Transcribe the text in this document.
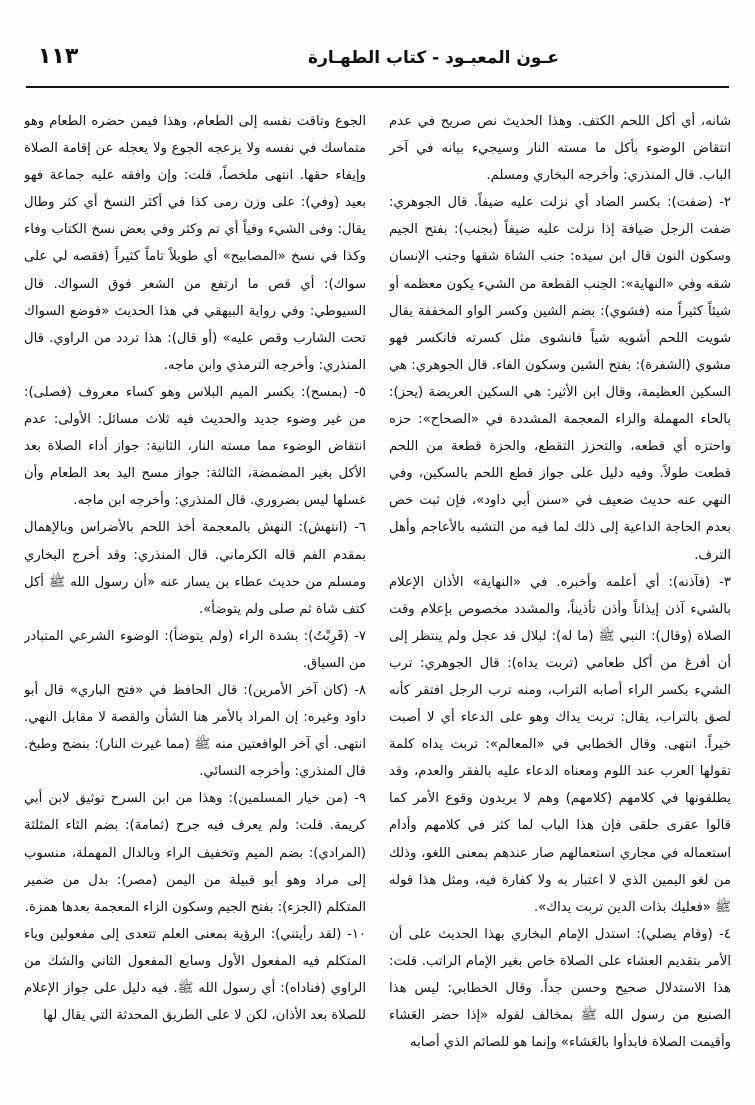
عـون المعبـود - كتاب الطهـارة
١١٣

شانه، أي أكل اللحم الكتف. وهذا الحديث نص صريح في عدم انتقاض الوضوء بأكل ما مسته النار وسيجيء بيانه في آخر الباب. قال المنذري: وأخرجه البخاري ومسلم.

٢- (ضفت): بكسر الضاد أي نزلت عليه ضيفاً. قال الجوهري: ضفت الرجل ضيافة إذا نزلت عليه ضيفاً (بجنب): بفتح الجيم وسكون النون قال ابن سيده: جنب الشاة شقها وجنب الإنسان شقه وفي «النهاية»: الجنب القطعة من الشيء يكون معظمه أو شيئاً كثيراً منه (فشوي): بضم الشين وكسر الواو المخففة يقال شويت اللحم أشويه شياً فانشوى مثل كسرته فانكسر فهو مشوي (الشفرة): بفتح الشين وسكون الفاء. قال الجوهري: هي السكين العظيمة، وقال ابن الأثير: هي السكين العريضة (يحز): بالحاء المهملة والزاء المعجمة المشددة في «الصحاح»: حزه واحتزه أي قطعه، والتحزز التقطع، والحزة قطعة من اللحم قطعت طولاً. وفيه دليل على جواز قطع اللحم بالسكين، وفي النهي عنه حديث ضعيف في «سنن أبي داود»، فإن ثبت خص بعدم الحاجة الداعية إلى ذلك لما فيه من التشبه بالأعاجم وأهل الترف.

٣- (فآذنه): أي أعلمه وأخبره. في «النهاية» الأذان الإعلام بالشيء آذن إيذاناً وأذن تأذيناً، والمشدد مخصوص بإعلام وقت الصلاة (وقال): النبي ﷺ (ما له): لبلال قد عجل ولم ينتظر إلى أن أفرغ من أكل طعامي (تربت يداه): قال الجوهري: ترب الشيء بكسر الراء أصابه التراب، ومنه ترب الرجل افتقر كأنه لصق بالتراب، يقال: تربت يداك وهو على الدعاء أي لا أصبت خيراً. انتهى. وقال الخطابي في «المعالم»: تربت يداه كلمة تقولها العرب عند اللوم ومعناه الدعاء عليه بالفقر والعدم، وقد يطلقونها في كلامهم (كلامهم) وهم لا يريدون وقوع الأمر كما قالوا عقرى حلقى فإن هذا الباب لما كثر في كلامهم وأدام استعماله في مجاري استعمالهم صار عندهم بمعنى اللغو، وذلك من لغو اليمين الذي لا اعتبار به ولا كفارة فيه، ومثل هذا قوله ﷺ «فعليك بذات الدين تربت يداك».

٤- (وقام يصلي): استدل الإمام البخاري بهذا الحديث على أن الأمر بتقديم العشاء على الصلاة خاص بغير الإمام الراتب. قلت: هذا الاستدلال صحيح وحسن جداً. وقال الخطابي: ليس هذا الصنيع من رسول الله ﷺ بمخالف لقوله «إذا حضر العَشاء وأقيمت الصلاة فابدأوا بالعَشاء» وإنما هو للصائم الذي أصابه

الجوع وتاقت نفسه إلى الطعام، وهذا فيمن حضره الطعام وهو متماسك في نفسه ولا يزعجه الجوع ولا يعجله عن إقامة الصلاة وإيفاء حقها. انتهى ملخصاً، قلت: وإن وافقه عليه جماعة فهو بعيد (وفي): على وزن رمى كذا في أكثر النسخ أي كثر وطال يقال: وفى الشيء وفياً أي تم وكثر وفي بعض نسخ الكتاب وفاء وكذا في نسخ «المصابيح» أي طويلاً تاماً كثيراً (فقصه لي على سواك): أي قص ما ارتفع من الشعر فوق السواك. قال السيوطي: وفي رواية البيهقي في هذا الحديث «فوضع السواك تحت الشارب وقص عليه» (أو قال): هذا تردد من الراوي. قال المنذري: وأخرجه الترمذي وابن ماجه.

٥- (بمسح): بكسر الميم البلاس وهو كساء معروف (فصلى): من غير وضوء جديد والحديث فيه ثلاث مسائل: الأولى: عدم انتقاض الوضوء مما مسته النار، الثانية: جواز أداء الصلاة بعد الأكل بغير المضمضة، الثالثة: جواز مسح اليد بعد الطعام وأن غسلها ليس بضروري. قال المنذري: وأخرجه ابن ماجه.

٦- (انتهش): النهش بالمعجمة أخذ اللحم بالأضراس وبالإهمال بمقدم الفم قاله الكرماني. قال المنذري: وقد أخرج البخاري ومسلم من حديث عطاء بن يسار عنه «أن رسول الله ﷺ أكل كتف شاة ثم صلى ولم يتوضأ».

٧- (قَرِبْتُ): بشدة الراء (ولم يتوضأ): الوضوء الشرعي المتبادر من السياق.

٨- (كان آخر الأمرين): قال الحافظ في «فتح الباري» قال أبو داود وغيره: إن المراد بالأمر هنا الشأن والقصة لا مقابل النهي. انتهى. أي آخر الواقعتين منه ﷺ (مما غيرت النار): بنضج وطبخ. قال المنذري: وأخرجه النسائي.

٩- (من خيار المسلمين): وهذا من ابن السرح توثيق لابن أبي كريمة. قلت: ولم يعرف فيه جرح (ثمامة): بضم الثاء المثلثة (المرادي): بضم الميم وتخفيف الراء وبالدال المهملة، منسوب إلى مراد وهو أبو قبيلة من اليمن (مصر): بدل من ضمير المتكلم (الجزء): بفتح الجيم وسكون الزاء المعجمة بعدها همزة.

١٠- (لقد رأيتني): الرؤية بمعنى العلم تتعدى إلى مفعولين وياء المتكلم فيه المفعول الأول وسابع المفعول الثاني والشك من الراوي (فناداه): أي رسول الله ﷺ. فيه دليل على جواز الإعلام للصلاة بعد الأذان، لكن لا على الطريق المحدثة التي يقال لها
